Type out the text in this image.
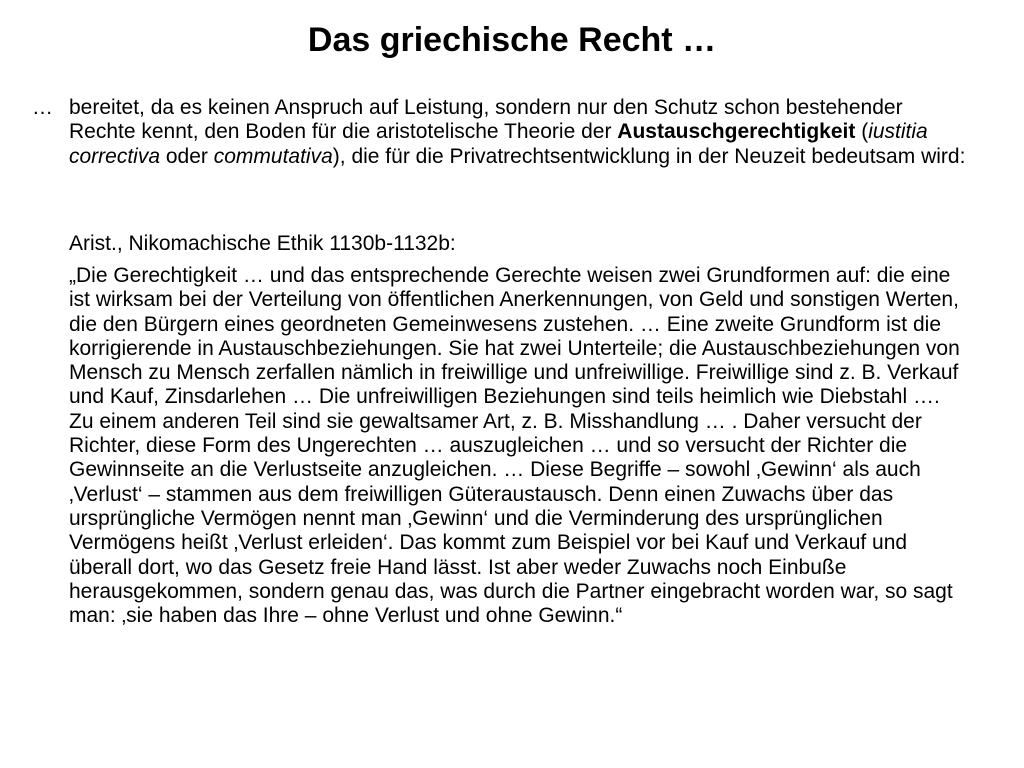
Das griechische Recht …
… bereitet, da es keinen Anspruch auf Leistung, sondern nur den Schutz schon bestehender Rechte kennt, den Boden für die aristotelische Theorie der Austauschgerechtigkeit (iustitia correctiva oder commutativa), die für die Privatrechtsentwicklung in der Neuzeit bedeutsam wird:
Arist., Nikomachische Ethik 1130b-1132b:
„Die Gerechtigkeit … und das entsprechende Gerechte weisen zwei Grundformen auf: die eine ist wirksam bei der Verteilung von öffentlichen Anerkennungen, von Geld und sonstigen Werten, die den Bürgern eines geordneten Gemeinwesens zustehen. … Eine zweite Grundform ist die korrigierende in Austauschbeziehungen. Sie hat zwei Unterteile; die Austauschbeziehungen von Mensch zu Mensch zerfallen nämlich in freiwillige und unfreiwillige. Freiwillige sind z. B. Verkauf und Kauf, Zinsdarlehen … Die unfreiwilligen Beziehungen sind teils heimlich wie Diebstahl …. Zu einem anderen Teil sind sie gewaltsamer Art, z. B. Misshandlung … . Daher versucht der Richter, diese Form des Ungerechten … auszugleichen … und so versucht der Richter die Gewinnseite an die Verlustseite anzugleichen. … Diese Begriffe – sowohl ‚Gewinn‘ als auch ‚Verlust‘ – stammen aus dem freiwilligen Güteraustausch. Denn einen Zuwachs über das ursprüngliche Vermögen nennt man ‚Gewinn‘ und die Verminderung des ursprünglichen Vermögens heißt ‚Verlust erleiden‘. Das kommt zum Beispiel vor bei Kauf und Verkauf und überall dort, wo das Gesetz freie Hand lässt. Ist aber weder Zuwachs noch Einbuße herausgekommen, sondern genau das, was durch die Partner eingebracht worden war, so sagt man: ‚sie haben das Ihre – ohne Verlust und ohne Gewinn.“
